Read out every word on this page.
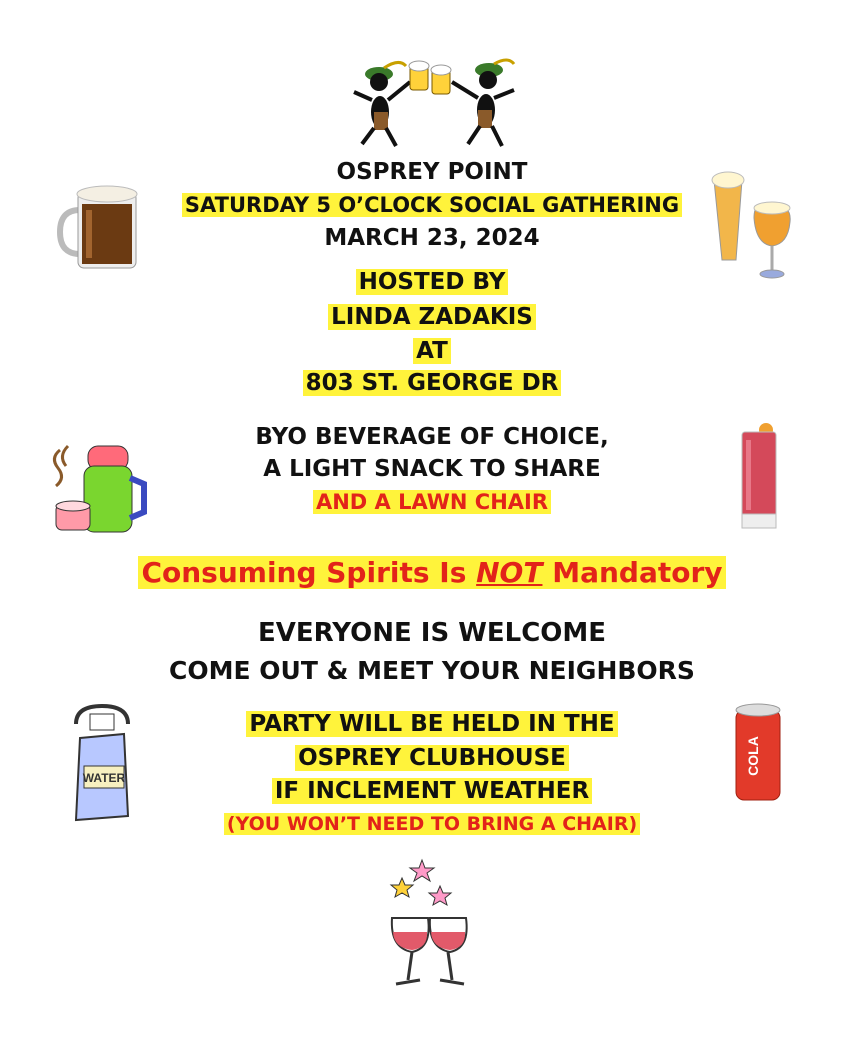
OSPREY POINT
SATURDAY 5 O’CLOCK SOCIAL GATHERING
MARCH 23, 2024
HOSTED BY
LINDA ZADAKIS
AT
803 ST. GEORGE DR
BYO BEVERAGE OF CHOICE,
A LIGHT SNACK TO SHARE
AND A LAWN CHAIR
Consuming Spirits Is NOT Mandatory
EVERYONE IS WELCOME
COME OUT & MEET YOUR NEIGHBORS
WATER
COLA
PARTY WILL BE HELD IN THE
OSPREY CLUBHOUSE
IF INCLEMENT WEATHER
(YOU WON’T NEED TO BRING A CHAIR)
